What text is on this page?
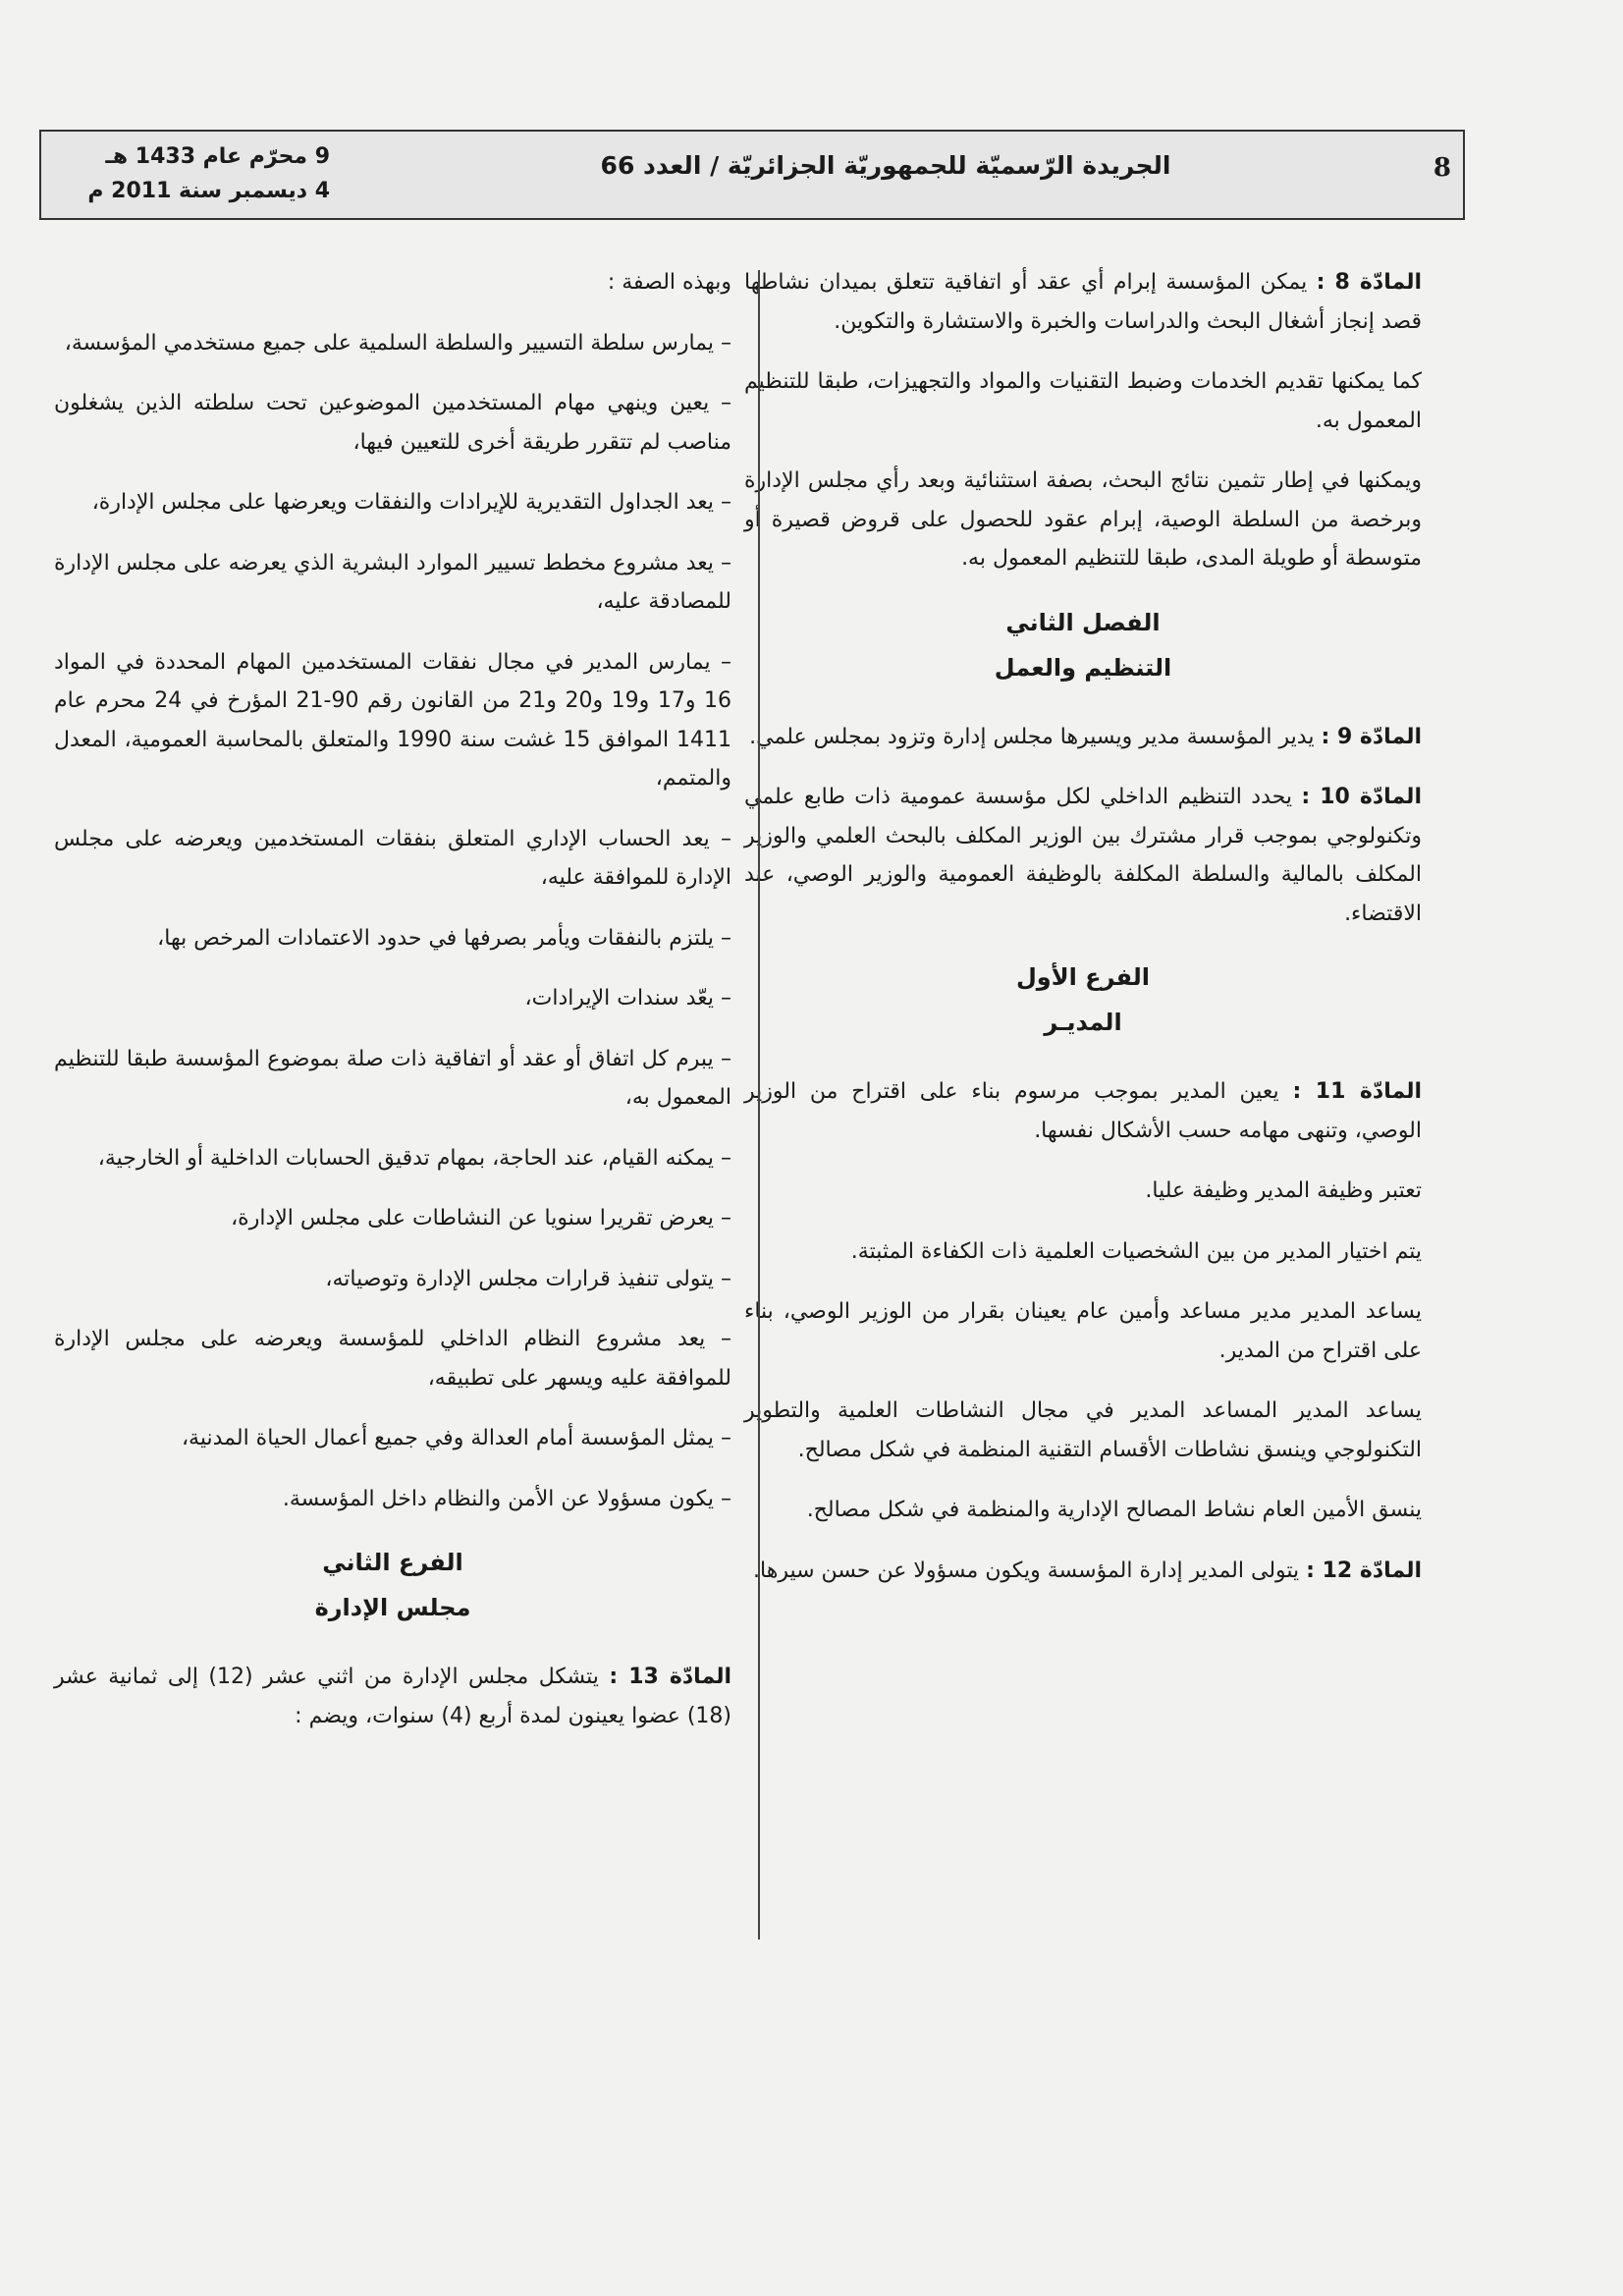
8
الجريدة الرّسميّة للجمهوريّة الجزائريّة / العدد 66
9 محرّم عام 1433 هـ
4 ديسمبر سنة 2011 م
المادّة 8 : يمكن المؤسسة إبرام أي عقد أو اتفاقية تتعلق بميدان نشاطها قصد إنجاز أشغال البحث والدراسات والخبرة والاستشارة والتكوين.
كما يمكنها تقديم الخدمات وضبط التقنيات والمواد والتجهيزات، طبقا للتنظيم المعمول به.
ويمكنها في إطار تثمين نتائج البحث، بصفة استثنائية وبعد رأي مجلس الإدارة وبرخصة من السلطة الوصية، إبرام عقود للحصول على قروض قصيرة أو متوسطة أو طويلة المدى، طبقا للتنظيم المعمول به.
الفصل الثاني
التنظيم والعمل
المادّة 9 : يدير المؤسسة مدير ويسيرها مجلس إدارة وتزود بمجلس علمي.
المادّة 10 : يحدد التنظيم الداخلي لكل مؤسسة عمومية ذات طابع علمي وتكنولوجي بموجب قرار مشترك بين الوزير المكلف بالبحث العلمي والوزير المكلف بالمالية والسلطة المكلفة بالوظيفة العمومية والوزير الوصي، عند الاقتضاء.
الفرع الأول
المديـر
المادّة 11 : يعين المدير بموجب مرسوم بناء على اقتراح من الوزير الوصي، وتنهى مهامه حسب الأشكال نفسها.
تعتبر وظيفة المدير وظيفة عليا.
يتم اختيار المدير من بين الشخصيات العلمية ذات الكفاءة المثبتة.
يساعد المدير مدير مساعد وأمين عام يعينان بقرار من الوزير الوصي، بناء على اقتراح من المدير.
يساعد المدير المساعد المدير في مجال النشاطات العلمية والتطوير التكنولوجي وينسق نشاطات الأقسام التقنية المنظمة في شكل مصالح.
ينسق الأمين العام نشاط المصالح الإدارية والمنظمة في شكل مصالح.
المادّة 12 : يتولى المدير إدارة المؤسسة ويكون مسؤولا عن حسن سيرها.
وبهذه الصفة :
– يمارس سلطة التسيير والسلطة السلمية على جميع مستخدمي المؤسسة،
– يعين وينهي مهام المستخدمين الموضوعين تحت سلطته الذين يشغلون مناصب لم تتقرر طريقة أخرى للتعيين فيها،
– يعد الجداول التقديرية للإيرادات والنفقات ويعرضها على مجلس الإدارة،
– يعد مشروع مخطط تسيير الموارد البشرية الذي يعرضه على مجلس الإدارة للمصادقة عليه،
– يمارس المدير في مجال نفقات المستخدمين المهام المحددة في المواد 16 و17 و19 و20 و21 من القانون رقم 90-21 المؤرخ في 24 محرم عام 1411 الموافق 15 غشت سنة 1990 والمتعلق بالمحاسبة العمومية، المعدل والمتمم،
– يعد الحساب الإداري المتعلق بنفقات المستخدمين ويعرضه على مجلس الإدارة للموافقة عليه،
– يلتزم بالنفقات ويأمر بصرفها في حدود الاعتمادات المرخص بها،
– يعّد سندات الإيرادات،
– يبرم كل اتفاق أو عقد أو اتفاقية ذات صلة بموضوع المؤسسة طبقا للتنظيم المعمول به،
– يمكنه القيام، عند الحاجة، بمهام تدقيق الحسابات الداخلية أو الخارجية،
– يعرض تقريرا سنويا عن النشاطات على مجلس الإدارة،
– يتولى تنفيذ قرارات مجلس الإدارة وتوصياته،
– يعد مشروع النظام الداخلي للمؤسسة ويعرضه على مجلس الإدارة للموافقة عليه ويسهر على تطبيقه،
– يمثل المؤسسة أمام العدالة وفي جميع أعمال الحياة المدنية،
– يكون مسؤولا عن الأمن والنظام داخل المؤسسة.
الفرع الثاني
مجلس الإدارة
المادّة 13 : يتشكل مجلس الإدارة من اثني عشر (12) إلى ثمانية عشر (18) عضوا يعينون لمدة أربع (4) سنوات، ويضم :
